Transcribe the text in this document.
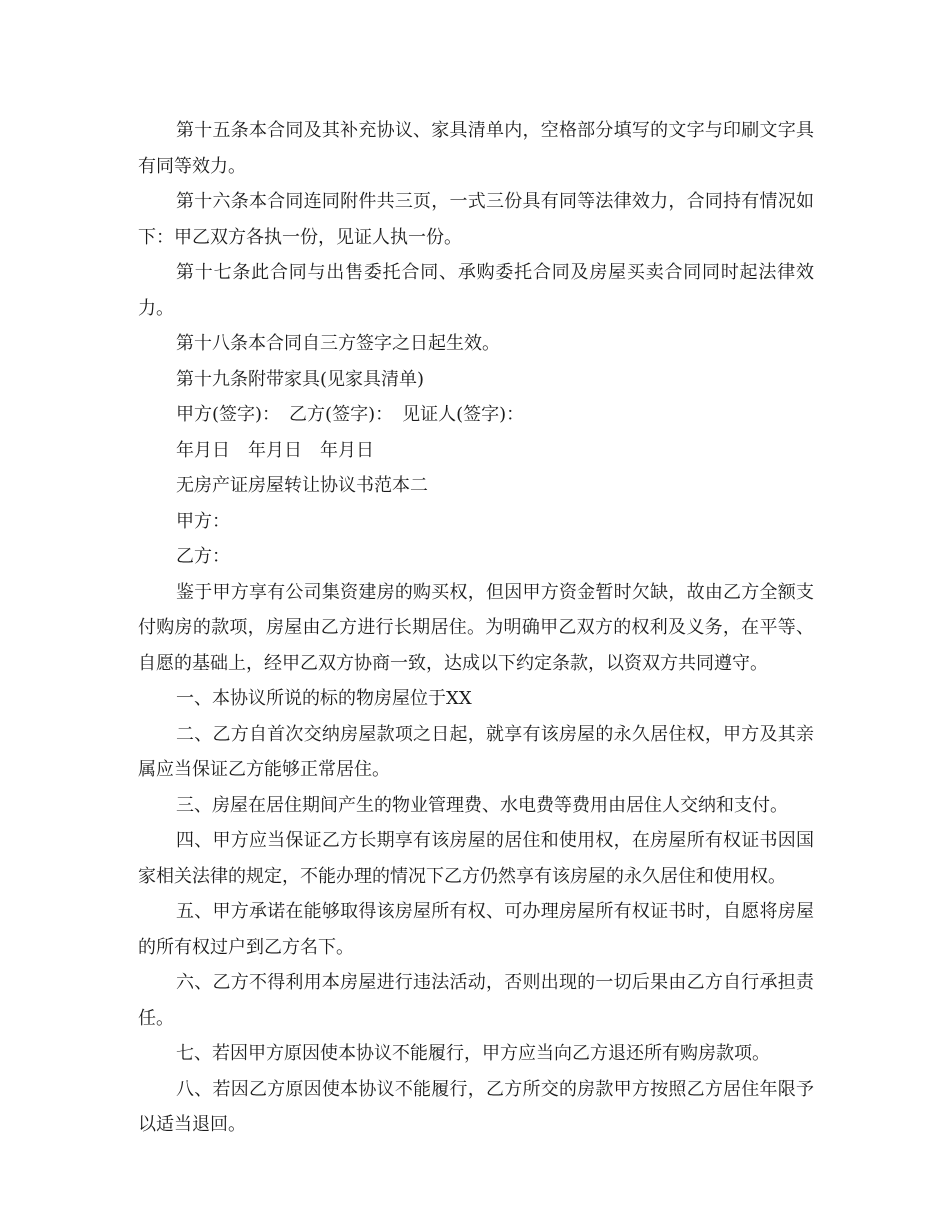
第十五条本合同及其补充协议、家具清单内，空格部分填写的文字与印刷文字具有同等效力。

第十六条本合同连同附件共三页，一式三份具有同等法律效力，合同持有情况如下：甲乙双方各执一份，见证人执一份。

第十七条此合同与出售委托合同、承购委托合同及房屋买卖合同同时起法律效力。

第十八条本合同自三方签字之日起生效。

第十九条附带家具(见家具清单)

甲方(签字)：　乙方(签字)：　见证人(签字)：

年月日　年月日　年月日

无房产证房屋转让协议书范本二

甲方：

乙方：

鉴于甲方享有公司集资建房的购买权，但因甲方资金暂时欠缺，故由乙方全额支付购房的款项，房屋由乙方进行长期居住。为明确甲乙双方的权利及义务，在平等、自愿的基础上，经甲乙双方协商一致，达成以下约定条款，以资双方共同遵守。

一、本协议所说的标的物房屋位于XX

二、乙方自首次交纳房屋款项之日起，就享有该房屋的永久居住权，甲方及其亲属应当保证乙方能够正常居住。

三、房屋在居住期间产生的物业管理费、水电费等费用由居住人交纳和支付。

四、甲方应当保证乙方长期享有该房屋的居住和使用权，在房屋所有权证书因国家相关法律的规定，不能办理的情况下乙方仍然享有该房屋的永久居住和使用权。

五、甲方承诺在能够取得该房屋所有权、可办理房屋所有权证书时，自愿将房屋的所有权过户到乙方名下。

六、乙方不得利用本房屋进行违法活动，否则出现的一切后果由乙方自行承担责任。

七、若因甲方原因使本协议不能履行，甲方应当向乙方退还所有购房款项。

八、若因乙方原因使本协议不能履行，乙方所交的房款甲方按照乙方居住年限予以适当退回。
